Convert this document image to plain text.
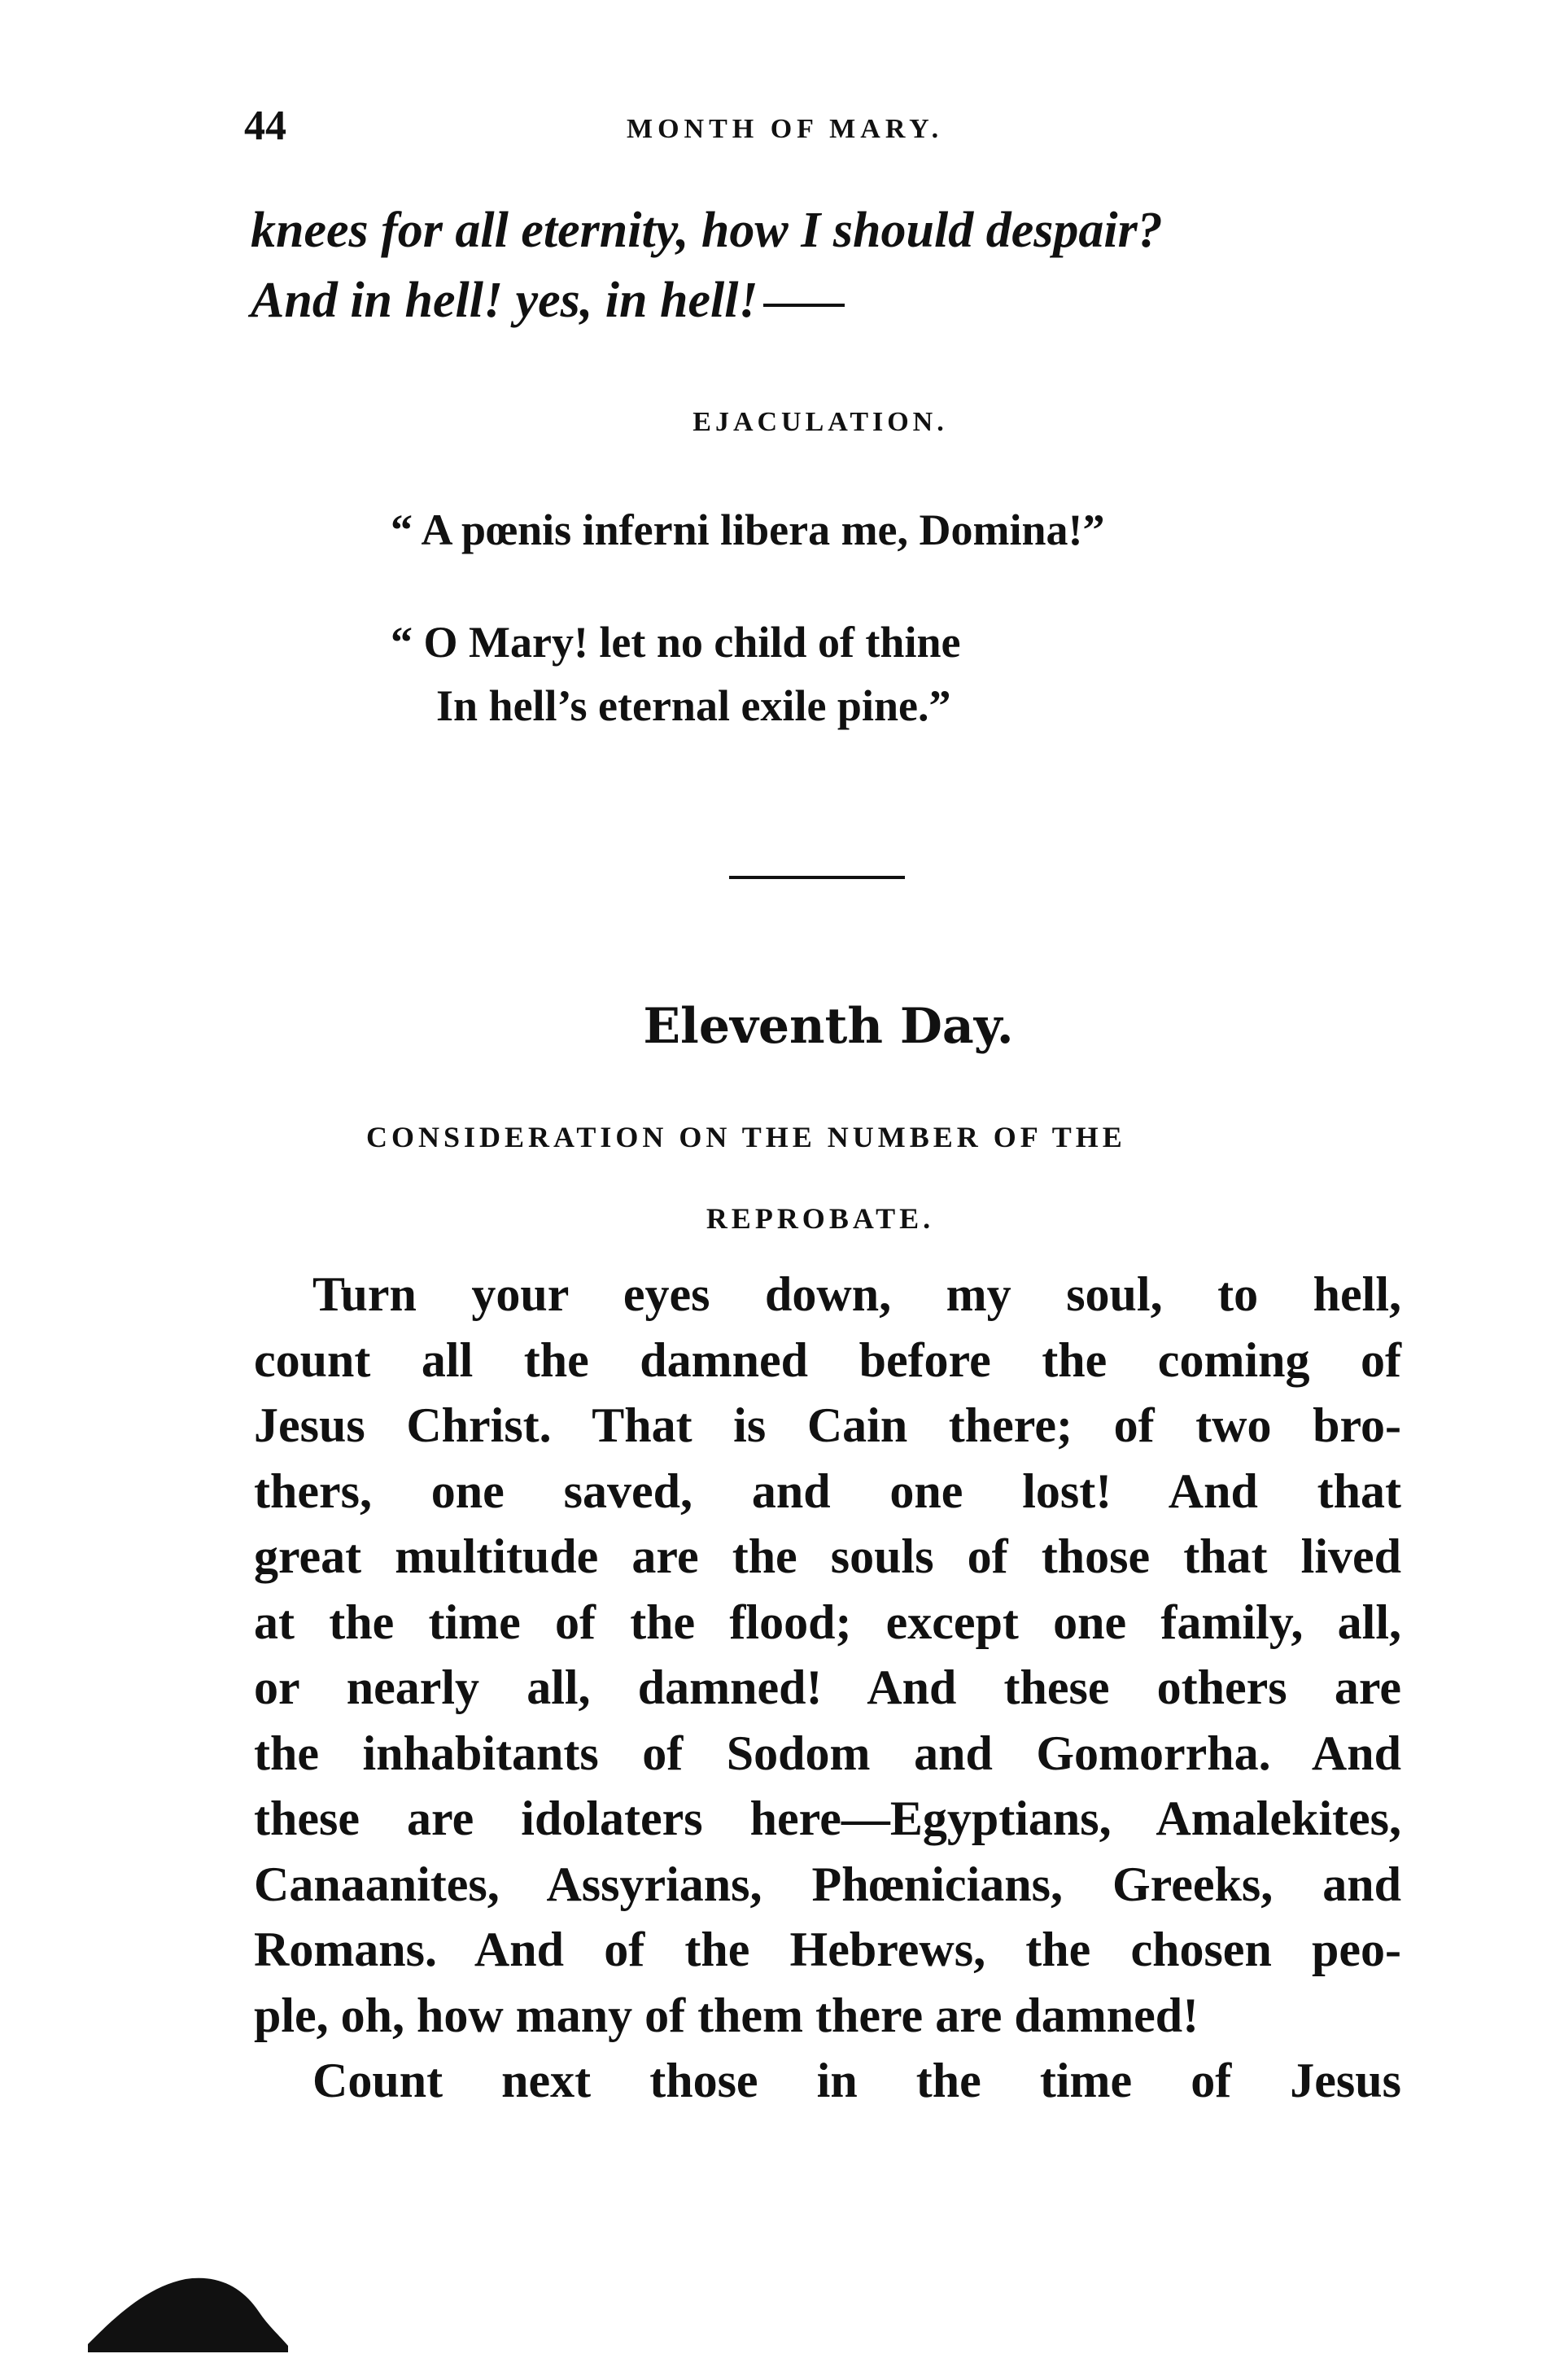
44	MONTH OF MARY.
knees for all eternity, how I should despair?
And in hell! yes, in hell!
EJACULATION.
“ A pœnis inferni libera me, Domina!”
“ O Mary! let no child of thine
In hell’s eternal exile pine.”
Eleventh Day.
CONSIDERATION ON THE NUMBER OF THE
REPROBATE.
Turn your eyes down, my soul, to hell,
count all the damned before the coming of
Jesus Christ. That is Cain there; of two bro-
thers, one saved, and one lost! And that
great multitude are the souls of those that lived
at the time of the flood; except one family, all,
or nearly all, damned! And these others are
the inhabitants of Sodom and Gomorrha. And
these are idolaters here—Egyptians, Amalekites,
Canaanites, Assyrians, Phœnicians, Greeks, and
Romans. And of the Hebrews, the chosen peo-
ple, oh, how many of them there are damned!
Count next those in the time of Jesus
